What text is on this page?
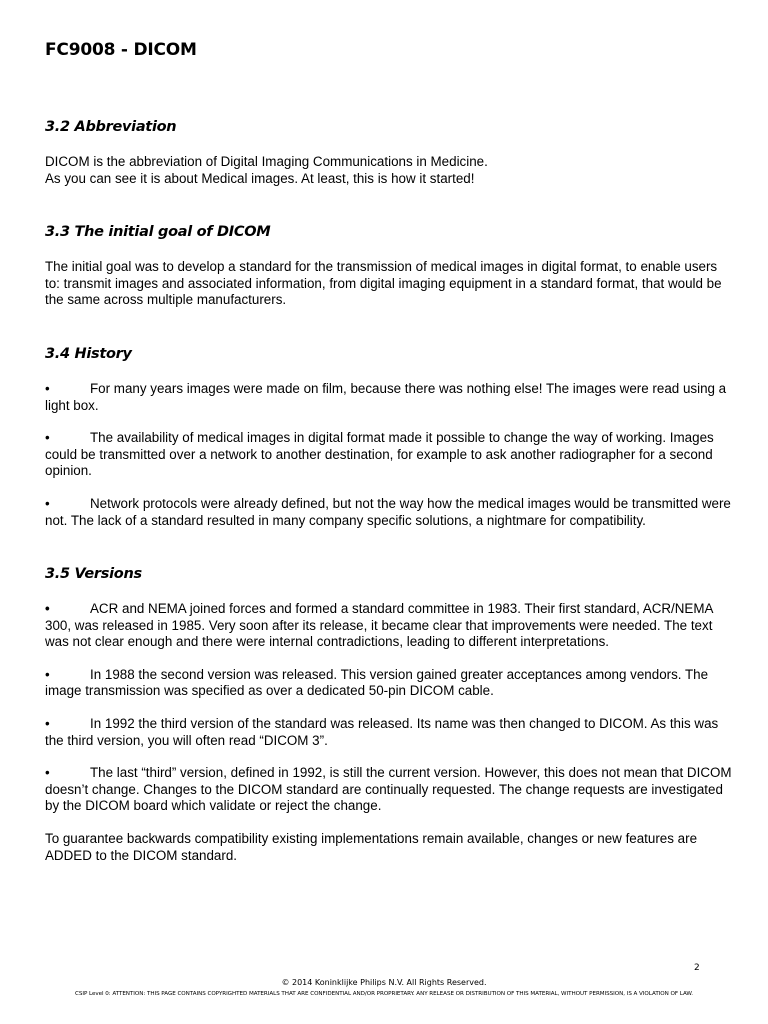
FC9008 - DICOM
3.2 Abbreviation

DICOM is the abbreviation of Digital Imaging Communications in Medicine.
As you can see it is about Medical images. At least, this is how it started!

3.3 The initial goal of DICOM

The initial goal was to develop a standard for the transmission of medical images in digital format, to enable users to: transmit images and associated information, from digital imaging equipment in a standard format, that would be the same across multiple manufacturers.

3.4 History

•	For many years images were made on film, because there was nothing else! The images were read using a light box.

•	The availability of medical images in digital format made it possible to change the way of working. Images could be transmitted over a network to another destination, for example to ask another radiographer for a second opinion.

•	Network protocols were already defined, but not the way how the medical images would be transmitted were not. The lack of a standard resulted in many company specific solutions, a nightmare for compatibility.

3.5 Versions

•	ACR and NEMA joined forces and formed a standard committee in 1983. Their first standard, ACR/NEMA 300, was released in 1985. Very soon after its release, it became clear that improvements were needed. The text was not clear enough and there were internal contradictions, leading to different interpretations.

•	In 1988 the second version was released. This version gained greater acceptances among vendors. The image transmission was specified as over a dedicated 50-pin DICOM cable.

•	In 1992 the third version of the standard was released. Its name was then changed to DICOM. As this was the third version, you will often read “DICOM 3”.

•	The last “third” version, defined in 1992, is still the current version. However, this does not mean that DICOM doesn’t change. Changes to the DICOM standard are continually requested. The change requests are investigated by the DICOM board which validate or reject the change.

To guarantee backwards compatibility existing implementations remain available, changes or new features are ADDED to the DICOM standard.

2
© 2014 Koninklijke Philips N.V. All Rights Reserved.
CSIP Level 0: ATTENTION: THIS PAGE CONTAINS COPYRIGHTED MATERIALS THAT ARE CONFIDENTIAL AND/OR PROPRIETARY. ANY RELEASE OR DISTRIBUTION OF THIS MATERIAL, WITHOUT PERMISSION, IS A VIOLATION OF LAW.
